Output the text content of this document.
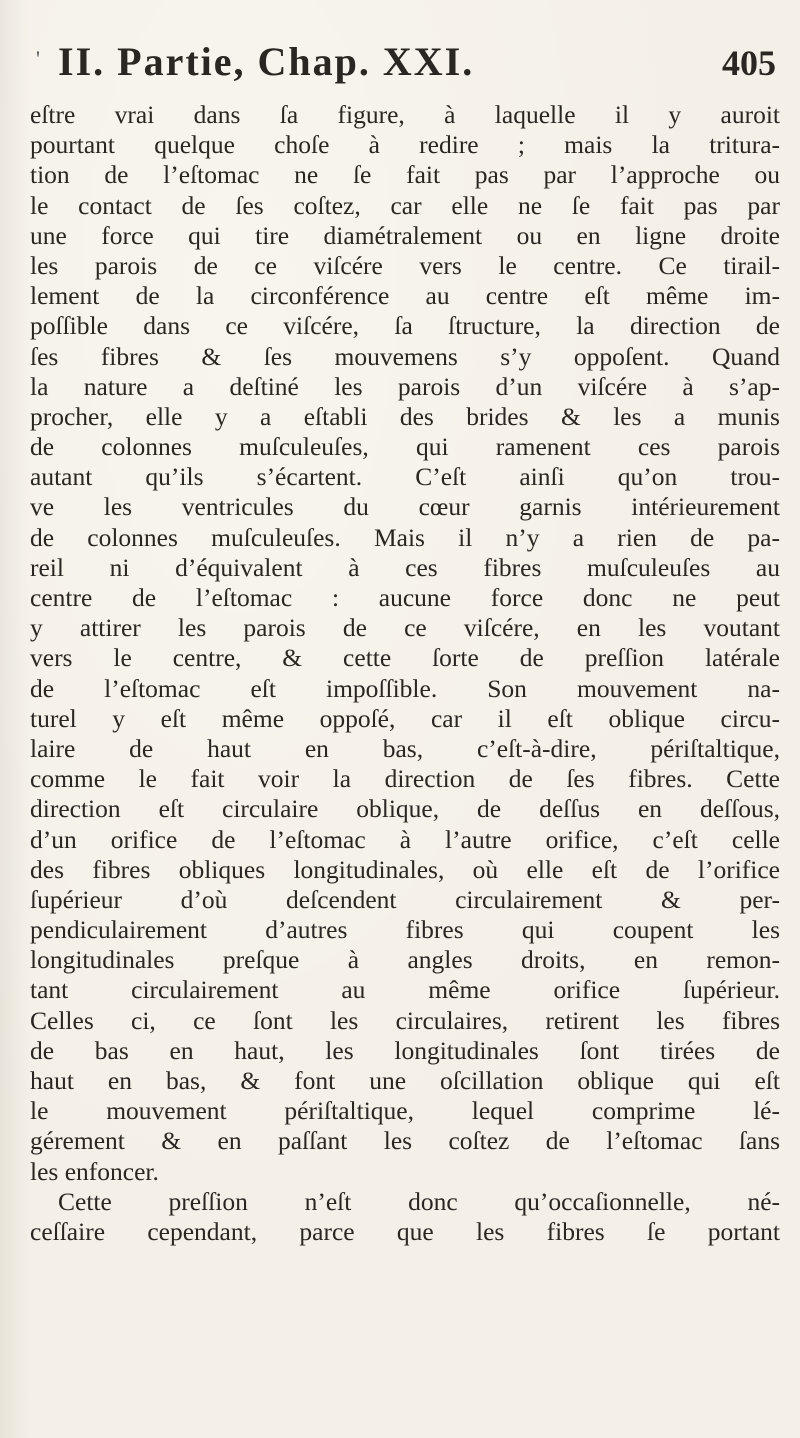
' II. Partie, Chap. XXI.	405
eſtre vrai dans ſa figure, à laquelle il y auroit
pourtant quelque choſe à redire ; mais la tritura-
tion de l’eſtomac ne ſe fait pas par l’approche ou
le contact de ſes coſtez, car elle ne ſe fait pas par
une force qui tire diamétralement ou en ligne droite
les parois de ce viſcére vers le centre. Ce tirail-
lement de la circonférence au centre eſt même im-
poſſible dans ce viſcére, ſa ſtructure, la direction de
ſes fibres & ſes mouvemens s’y oppoſent. Quand
la nature a deſtiné les parois d’un viſcére à s’ap-
procher, elle y a eſtabli des brides & les a munis
de colonnes muſculeuſes, qui ramenent ces parois
autant qu’ils s’écartent. C’eſt ainſi qu’on trou-
ve les ventricules du cœur garnis intérieurement
de colonnes muſculeuſes. Mais il n’y a rien de pa-
reil ni d’équivalent à ces fibres muſculeuſes au
centre de l’eſtomac : aucune force donc ne peut
y attirer les parois de ce viſcére, en les voutant
vers le centre, & cette ſorte de preſſion latérale
de l’eſtomac eſt impoſſible. Son mouvement na-
turel y eſt même oppoſé, car il eſt oblique circu-
laire de haut en bas, c’eſt-à-dire, périſtaltique,
comme le fait voir la direction de ſes fibres. Cette
direction eſt circulaire oblique, de deſſus en deſſous,
d’un orifice de l’eſtomac à l’autre orifice, c’eſt celle
des fibres obliques longitudinales, où elle eſt de l’orifice
ſupérieur d’où deſcendent circulairement & per-
pendiculairement d’autres fibres qui coupent les
longitudinales preſque à angles droits, en remon-
tant circulairement au même orifice ſupérieur.
Celles ci, ce ſont les circulaires, retirent les fibres
de bas en haut, les longitudinales ſont tirées de
haut en bas, & font une oſcillation oblique qui eſt
le mouvement périſtaltique, lequel comprime lé-
gérement & en paſſant les coſtez de l’eſtomac ſans
les enfoncer.
Cette preſſion n’eſt donc qu’occaſionnelle, né-
ceſſaire cependant, parce que les fibres ſe portant
